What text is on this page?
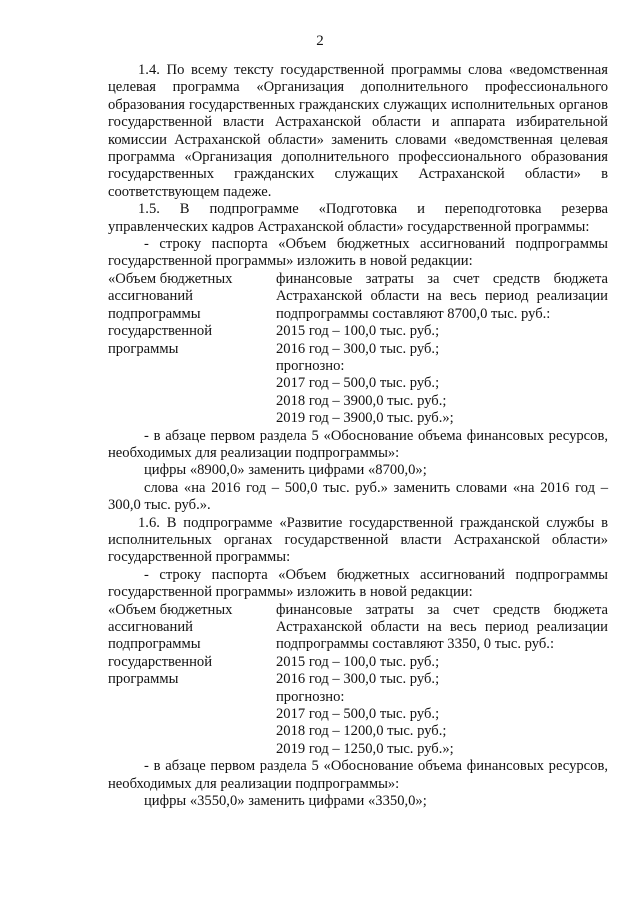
2

1.4. По всему тексту государственной программы слова «ведомственная целевая программа «Организация дополнительного профессионального образования государственных гражданских служащих исполнительных органов государственной власти Астраханской области и аппарата избирательной комиссии Астраханской области» заменить словами «ведомственная целевая программа «Организация дополнительного профессионального образования государственных гражданских служащих Астраханской области» в соответствующем падеже.

1.5. В подпрограмме «Подготовка и переподготовка резерва управленческих кадров Астраханской области» государственной программы:

- строку паспорта «Объем бюджетных ассигнований подпрограммы государственной программы» изложить в новой редакции:

«Объем бюджетных ассигнований подпрограммы государственной программы
финансовые затраты за счет средств бюджета Астраханской области на весь период реализации подпрограммы составляют 8700,0 тыс. руб.:
2015 год – 100,0 тыс. руб.;
2016 год – 300,0 тыс. руб.;
прогнозно:
2017 год – 500,0 тыс. руб.;
2018 год – 3900,0 тыс. руб.;
2019 год – 3900,0 тыс. руб.»;

- в абзаце первом раздела 5 «Обоснование объема финансовых ресурсов, необходимых для реализации подпрограммы»:

цифры «8900,0» заменить цифрами «8700,0»;

слова «на 2016 год – 500,0 тыс. руб.» заменить словами «на 2016 год – 300,0 тыс. руб.».

1.6. В подпрограмме «Развитие государственной гражданской службы в исполнительных органах государственной власти Астраханской области» государственной программы:

- строку паспорта «Объем бюджетных ассигнований подпрограммы государственной программы» изложить в новой редакции:

«Объем бюджетных ассигнований подпрограммы государственной программы
финансовые затраты за счет средств бюджета Астраханской области на весь период реализации подпрограммы составляют 3350, 0 тыс. руб.:
2015 год – 100,0 тыс. руб.;
2016 год – 300,0 тыс. руб.;
прогнозно:
2017 год – 500,0 тыс. руб.;
2018 год – 1200,0 тыс. руб.;
2019 год – 1250,0 тыс. руб.»;

- в абзаце первом раздела 5 «Обоснование объема финансовых ресурсов, необходимых для реализации подпрограммы»:

цифры «3550,0» заменить цифрами «3350,0»;
